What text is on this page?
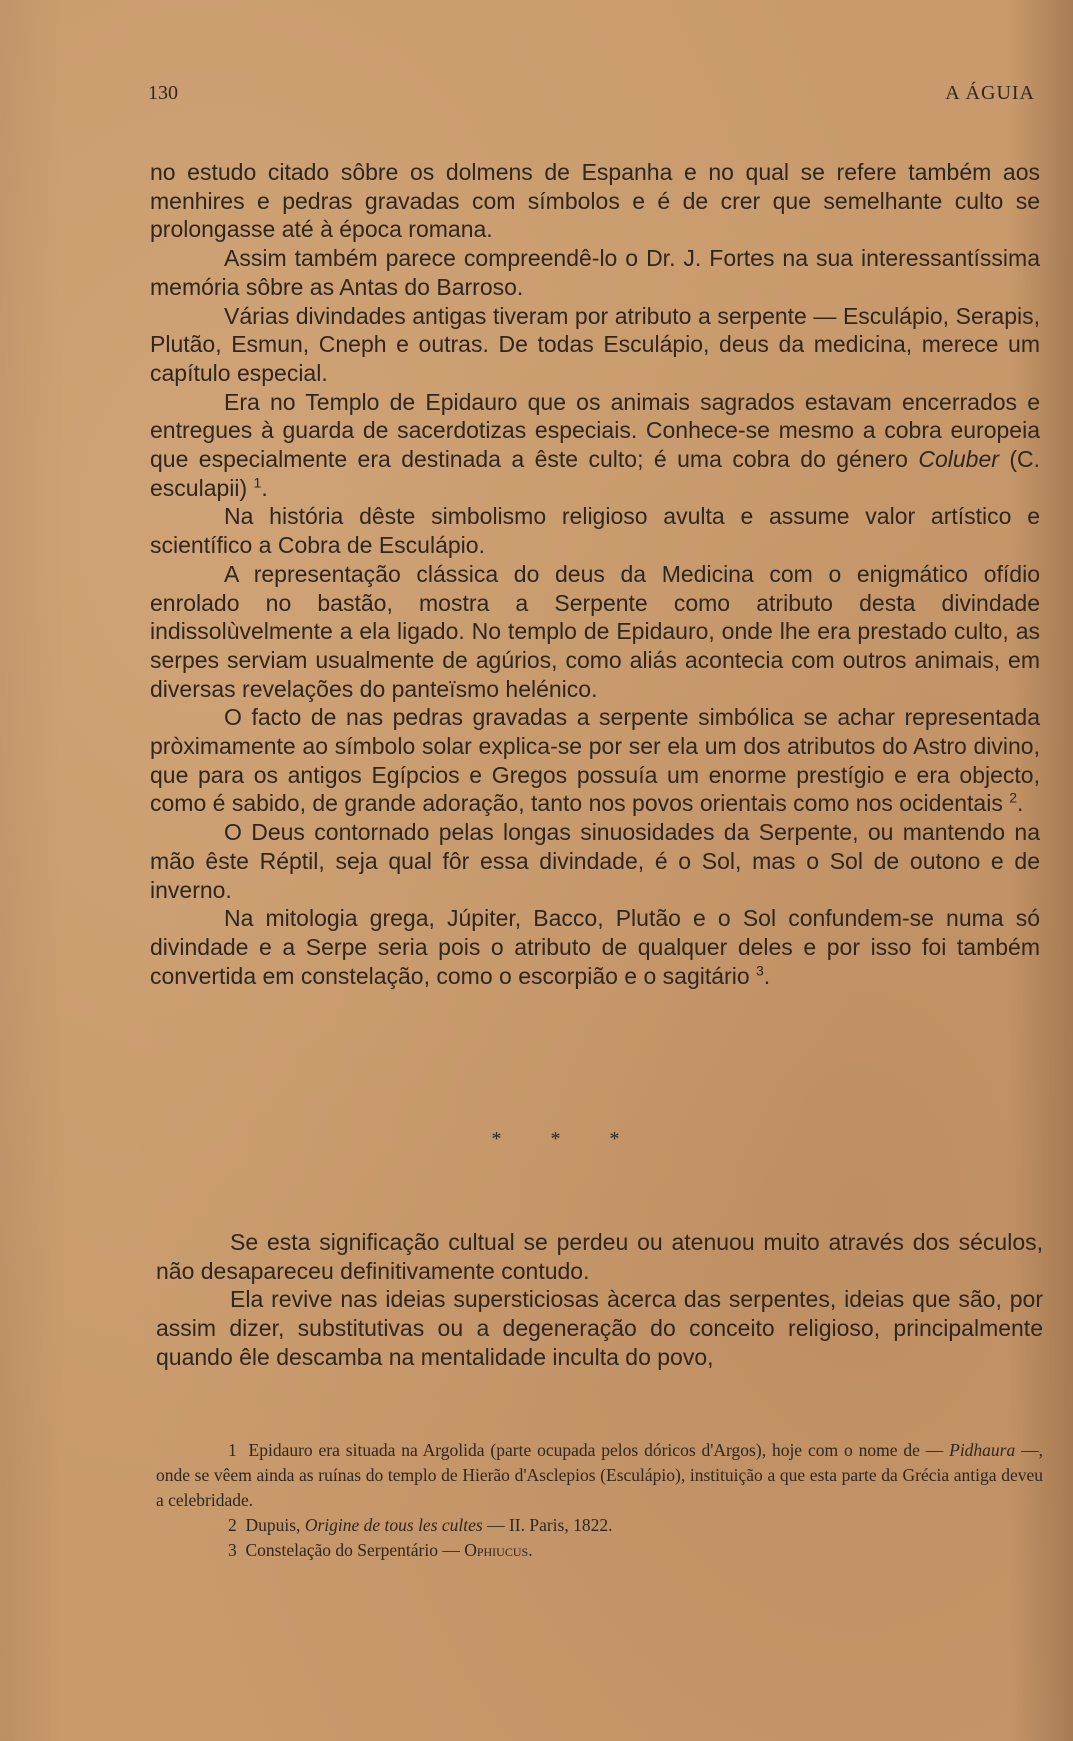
130	A ÁGUIA

no estudo citado sôbre os dolmens de Espanha e no qual se refere também aos menhires e pedras gravadas com símbolos e é de crer que semelhante culto se prolongasse até à época romana.

Assim também parece compreendê-lo o Dr. J. Fortes na sua interessantíssima memória sôbre as Antas do Barroso.

Várias divindades antigas tiveram por atributo a serpente — Esculápio, Serapis, Plutão, Esmun, Cneph e outras. De todas Esculápio, deus da medicina, merece um capítulo especial.

Era no Templo de Epidauro que os animais sagrados estavam encerrados e entregues à guarda de sacerdotizas especiais. Conhece-se mesmo a cobra europeia que especialmente era destinada a êste culto; é uma cobra do género Coluber (C. esculapii) $^1$.

Na história dêste simbolismo religioso avulta e assume valor artístico e scientífico a Cobra de Esculápio.

A representação clássica do deus da Medicina com o enigmático ofídio enrolado no bastão, mostra a Serpente como atributo desta divindade indissolùvelmente a ela ligado. No templo de Epidauro, onde lhe era prestado culto, as serpes serviam usualmente de agúrios, como aliás acontecia com outros animais, em diversas revelações do panteïsmo helénico.

O facto de nas pedras gravadas a serpente simbólica se achar representada pròximamente ao símbolo solar explica-se por ser ela um dos atributos do Astro divino, que para os antigos Egípcios e Gregos possuía um enorme prestígio e era objecto, como é sabido, de grande adoração, tanto nos povos orientais como nos ocidentais $^2$.

O Deus contornado pelas longas sinuosidades da Serpente, ou mantendo na mão êste Réptil, seja qual fôr essa divindade, é o Sol, mas o Sol de outono e de inverno.

Na mitologia grega, Júpiter, Bacco, Plutão e o Sol confundem-se numa só divindade e a Serpe seria pois o atributo de qualquer deles e por isso foi também convertida em constelação, como o escorpião e o sagitário $^3$.

* * *

Se esta significação cultual se perdeu ou atenuou muito através dos séculos, não desapareceu definitivamente contudo.

Ela revive nas ideias supersticiosas àcerca das serpentes, ideias que são, por assim dizer, substitutivas ou a degeneração do conceito religioso, principalmente quando êle descamba na mentalidade inculta do povo,

1 Epidauro era situada na Argolida (parte ocupada pelos dóricos d'Argos), hoje com o nome de — Pidhaura —, onde se vêem ainda as ruínas do templo de Hierão d'Asclepios (Esculápio), instituição a que esta parte da Grécia antiga deveu a celebridade.

2 Dupuis, Origine de tous les cultes — II. Paris, 1822.

3 Constelação do Serpentário — Ophiucus.
